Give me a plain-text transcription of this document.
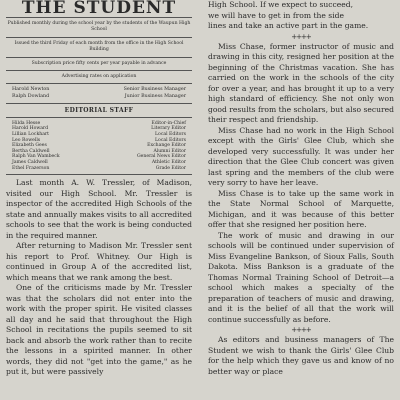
THE STUDENT

Published monthly during the school year by the students of the Waupun High School

Issued the third Friday of each month from the office in the High School Building

Subscription price fifty cents per year payable in advance

Advertising rates on application

Harold Newton	Senior Business Manager
Ralph Dowland	Junior Business Manager
EDITORIAL STAFF
Hilda Hesse	Editor-in-Chief
Harold Howard	Literary Editor
Lillian Lockhart	Local Editors
Leo Rowells	Local Editors
Elizabeth Gees	Exchange Editor
Bertha Caldwell	Alumni Editor
Ralph Van Wambeck	General News Editor
James Caldwell	Athletic Editor
Ethel Frazerson	Grade Editor

Last month A. W. Tressler, of Madison, visited our High School. Mr. Tressler is inspector of the accredited High Schools of the state and annually makes visits to all accredited schools to see that the work is being conducted in the required manner.

After returning to Madison Mr. Tressler sent his report to Prof. Whitney. Our High is continued in Group A of the accredited list, which means that we rank among the best.

One of the criticisms made by Mr. Tressler was that the scholars did not enter into the work with the proper spirit. He visited classes all day and he said that throughout the High School in recitations the pupils seemed to sit back and absorb the work rather than to recite the lessons in a spirited manner. In other words, they did not "get into the game," as he put it, but were passively

High School. If we expect to succeed,

we will have to get in from the side

lines and take an active part in the game.

++++

Miss Chase, former instructor of music and drawing in this city, resigned her position at the beginning of the Christmas vacation. She has carried on the work in the schools of the city for over a year, and has brought it up to a very high standard of efficiency. She not only won good results from the scholars, but also secured their respect and friendship.

Miss Chase had no work in the High School except with the Girls' Glee Club, which she developed very successfully. It was under her direction that the Glee Club concert was given last spring and the members of the club were very sorry to have her leave.

Miss Chase is to take up the same work in the State Normal School of Marquette, Michigan, and it was because of this better offer that she resigned her position here.

The work of music and drawing in our schools will be continued under supervision of Miss Evangeline Bankson, of Sioux Falls, South Dakota. Miss Bankson is a graduate of the Thomas Normal Training School of Detroit—a school which makes a specialty of the preparation of teachers of music and drawing, and it is the belief of all that the work will continue successfully as before.

++++

As editors and business managers of The Student we wish to thank the Girls' Glee Club for the help which they gave us and know of no better way or place
